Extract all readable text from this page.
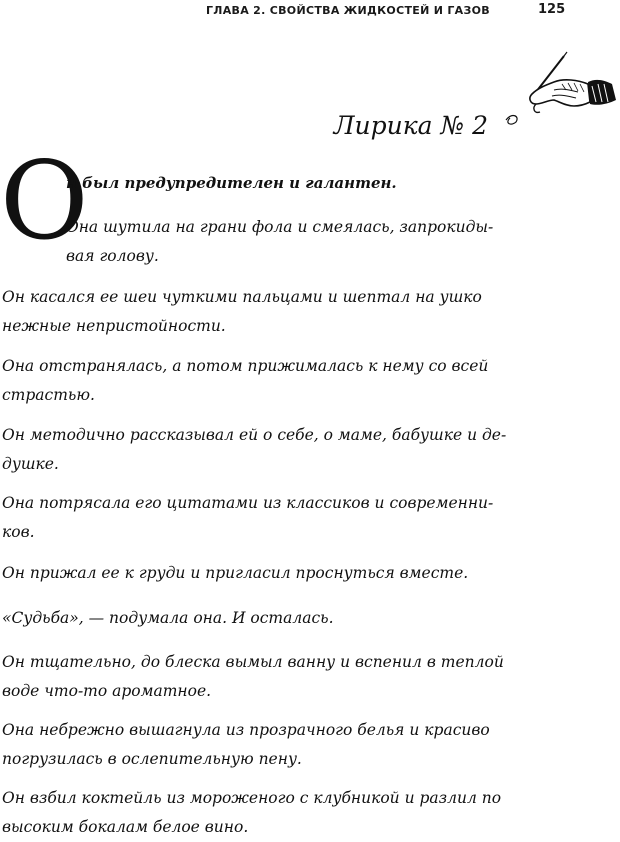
ГЛАВА 2. СВОЙСТВА ЖИДКОСТЕЙ И ГАЗОВ	125
Лирика № 2
О
н был предупредителен и галантен.
Она шутила на грани фола и смеялась, запрокиды-
вая голову.
Он касался ее шеи чуткими пальцами и шептал на ушко
нежные непристойности.
Она отстранялась, а потом прижималась к нему со всей
страстью.
Он методично рассказывал ей о себе, о маме, бабушке и де-
душке.
Она потрясала его цитатами из классиков и современни-
ков.
Он прижал ее к груди и пригласил проснуться вместе.
«Судьба», — подумала она. И осталась.
Он тщательно, до блеска вымыл ванну и вспенил в теплой
воде что-то ароматное.
Она небрежно вышагнула из прозрачного белья и красиво
погрузилась в ослепительную пену.
Он взбил коктейль из мороженого с клубникой и разлил по
высоким бокалам белое вино.
